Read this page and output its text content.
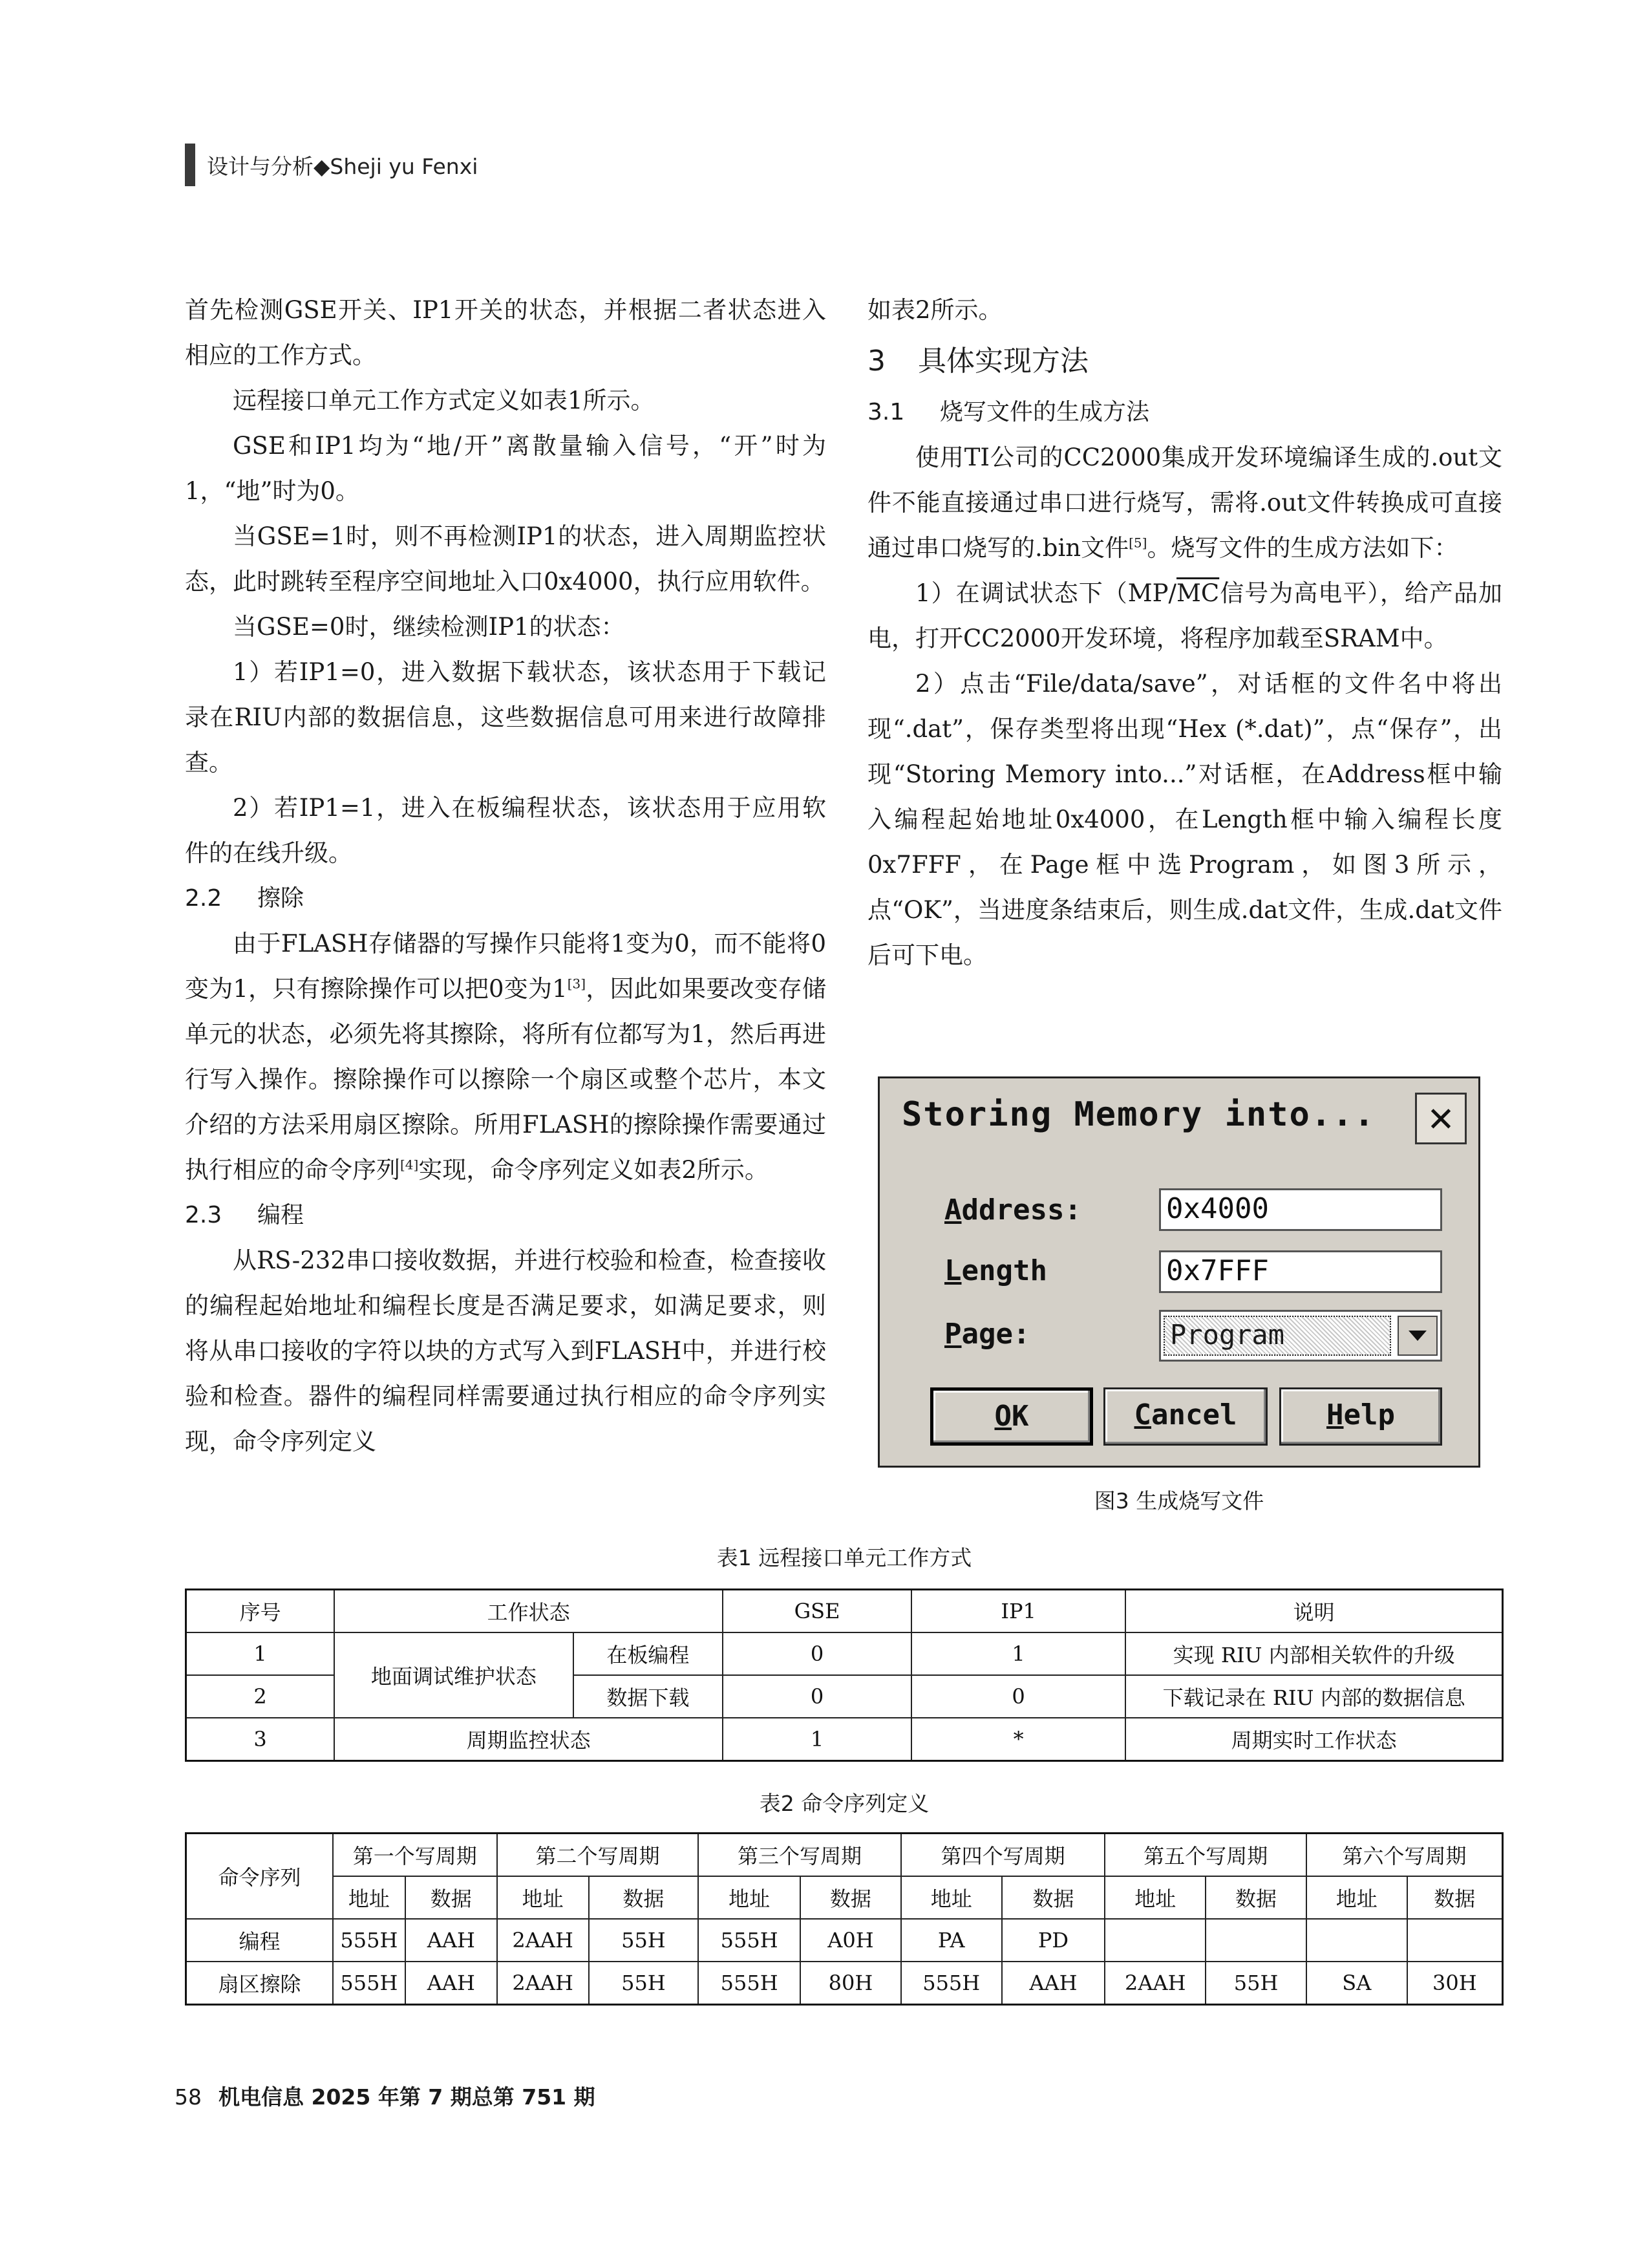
设计与分析◆Sheji yu Fenxi

首先检测GSE开关、IP1开关的状态，并根据二者状态进入相应的工作方式。

远程接口单元工作方式定义如表1所示。

GSE和IP1均为“地/开”离散量输入信号，“开”时为1，“地”时为0。

当GSE=1时，则不再检测IP1的状态，进入周期监控状态，此时跳转至程序空间地址入口0x4000，执行应用软件。

当GSE=0时，继续检测IP1的状态：

1）若IP1=0，进入数据下载状态，该状态用于下载记录在RIU内部的数据信息，这些数据信息可用来进行故障排查。

2）若IP1=1，进入在板编程状态，该状态用于应用软件的在线升级。

2.2 擦除

由于FLASH存储器的写操作只能将1变为0，而不能将0变为1，只有擦除操作可以把0变为1[3]，因此如果要改变存储单元的状态，必须先将其擦除，将所有位都写为1，然后再进行写入操作。擦除操作可以擦除一个扇区或整个芯片，本文介绍的方法采用扇区擦除。所用FLASH的擦除操作需要通过执行相应的命令序列[4]实现，命令序列定义如表2所示。

2.3 编程

从RS-232串口接收数据，并进行校验和检查，检查接收的编程起始地址和编程长度是否满足要求，如满足要求，则将从串口接收的字符以块的方式写入到FLASH中，并进行校验和检查。器件的编程同样需要通过执行相应的命令序列实现，命令序列定义

如表2所示。

3 具体实现方法
3.1 烧写文件的生成方法

使用TI公司的CC2000集成开发环境编译生成的.out文件不能直接通过串口进行烧写，需将.out文件转换成可直接通过串口烧写的.bin文件[5]。烧写文件的生成方法如下：

1）在调试状态下（$MP/\overline{MC}$信号为高电平），给产品加电，打开CC2000开发环境，将程序加载至SRAM中。

2）点击“File/data/save”，对话框的文件名中将出现“.dat”，保存类型将出现“Hex (*.dat)”，点“保存”，出现“Storing Memory into...”对话框，在Address框中输入编程起始地址0x4000，在Length框中输入编程长度0x7FFF，在Page框中选Program，如图3所示，点“OK”，当进度条结束后，则生成.dat文件，生成.dat文件后可下电。

Storing Memory into...	✕
Address:	0x4000
Length	0x7FFF
Page:	Program
OK	Cancel	Help
图3 生成烧写文件
表1 远程接口单元工作方式
序号	工作状态		GSE	IP1	说明
1	地面调试维护状态	在板编程	0	1	实现 RIU 内部相关软件的升级
2		数据下载	0	0	下载记录在 RIU 内部的数据信息
3	周期监控状态		1	*	周期实时工作状态
表2 命令序列定义
命令序列	第一个写周期		第二个写周期		第三个写周期		第四个写周期		第五个写周期		第六个写周期	
	地址	数据	地址	数据	地址	数据	地址	数据	地址	数据	地址	数据
编程	555H	AAH	2AAH	55H	555H	A0H	PA	PD				
扇区擦除	555H	AAH	2AAH	55H	555H	80H	555H	AAH	2AAH	55H	SA	30H
58 机电信息 2025 年第 7 期总第 751 期
